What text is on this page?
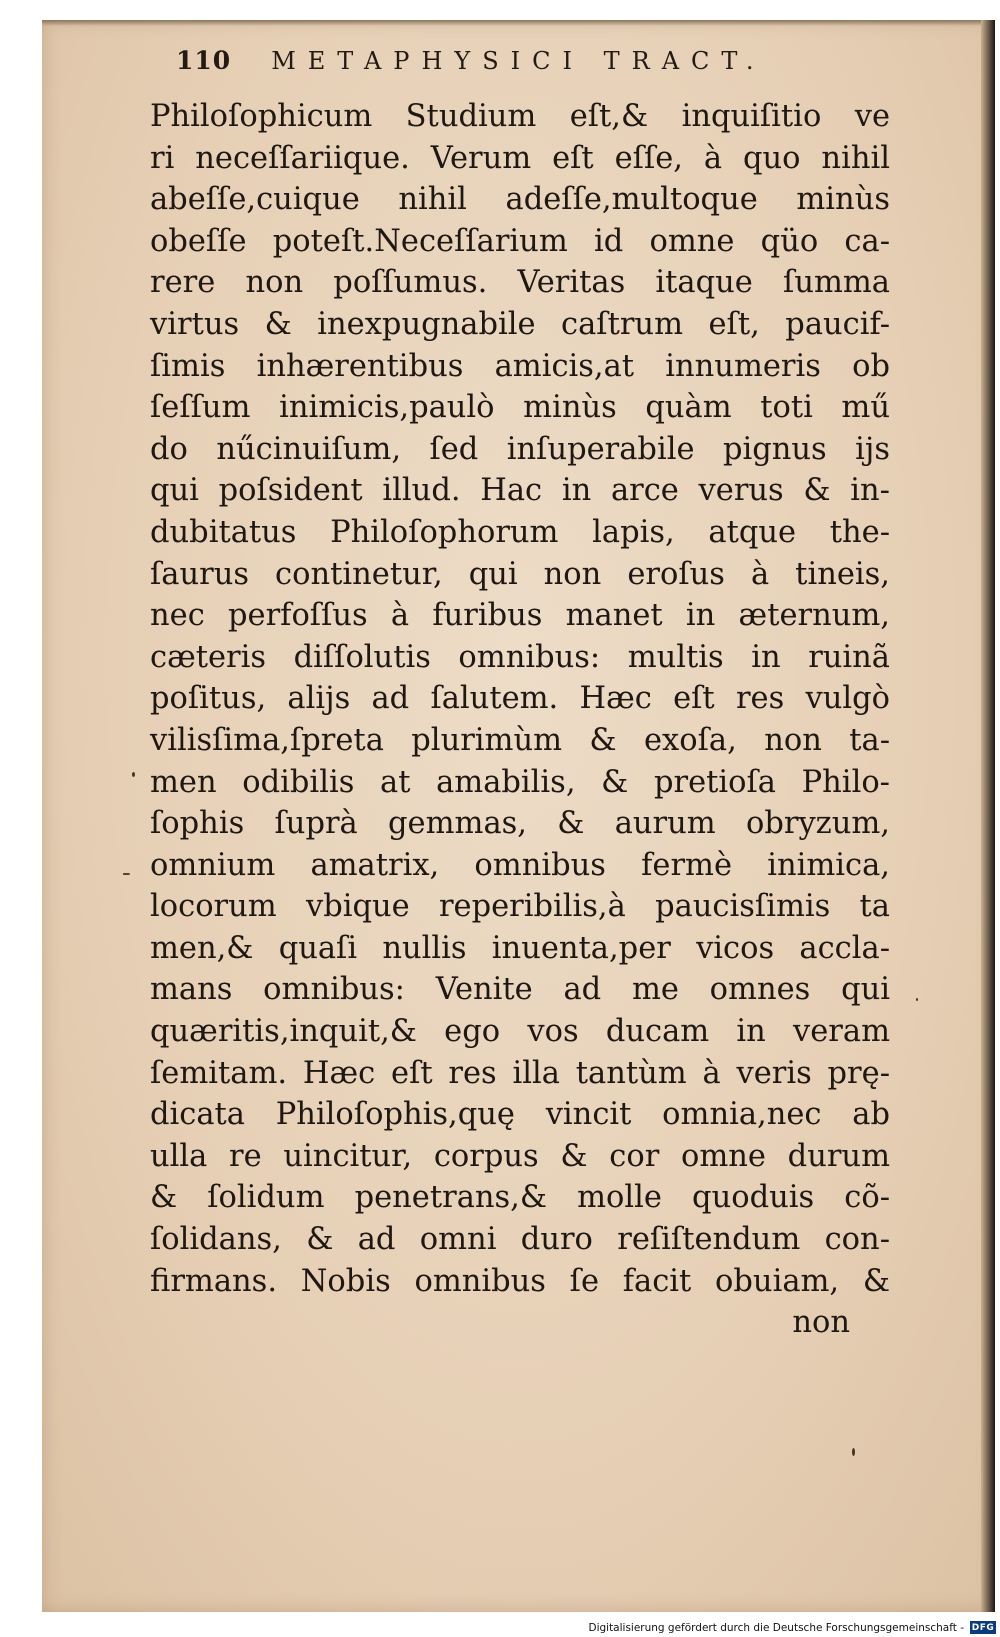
110 METAPHYSICI TRACT.
-
Philoſophicum Studium eſt,& inquiſitio ve
ri neceſſariique. Verum eſt eſſe, à quo nihil
abeſſe,cuique nihil adeſſe,multoque minùs
obeſſe poteſt.Neceſſarium id omne qüo ca-
rere non poſſumus. Veritas itaque ſumma
virtus & inexpugnabile caſtrum eſt, paucif-
ſimis inhærentibus amicis,at innumeris ob
ſeſſum inimicis,paulò minùs quàm toti mű
do nűcinuiſum, ſed inſuperabile pignus ijs
qui poſsident illud. Hac in arce verus & in-
dubitatus Philoſophorum lapis, atque the-
ſaurus continetur, qui non eroſus à tineis,
nec perfoſſus à furibus manet in æternum,
cæteris diſſolutis omnibus: multis in ruinã
poſitus, alijs ad ſalutem. Hæc eſt res vulgò
vilisſima,ſpreta plurimùm & exoſa, non ta-
men odibilis at amabilis, & pretioſa Philo-
ſophis ſuprà gemmas, & aurum obryzum,
omnium amatrix, omnibus fermè inimica,
locorum vbique reperibilis,à paucisſimis ta
men,& quaſi nullis inuenta,per vicos accla-
mans omnibus: Venite ad me omnes qui
quæritis,inquit,& ego vos ducam in veram
ſemitam. Hæc eſt res illa tantùm à veris prę-
dicata Philoſophis,quę vincit omnia,nec ab
ulla re uincitur, corpus & cor omne durum
& ſolidum penetrans,& molle quoduis cõ-
ſolidans, & ad omni duro reſiſtendum con-
firmans. Nobis omnibus ſe facit obuiam, &
non
Digitalisierung gefördert durch die Deutsche Forschungsgemeinschaft - DFG
